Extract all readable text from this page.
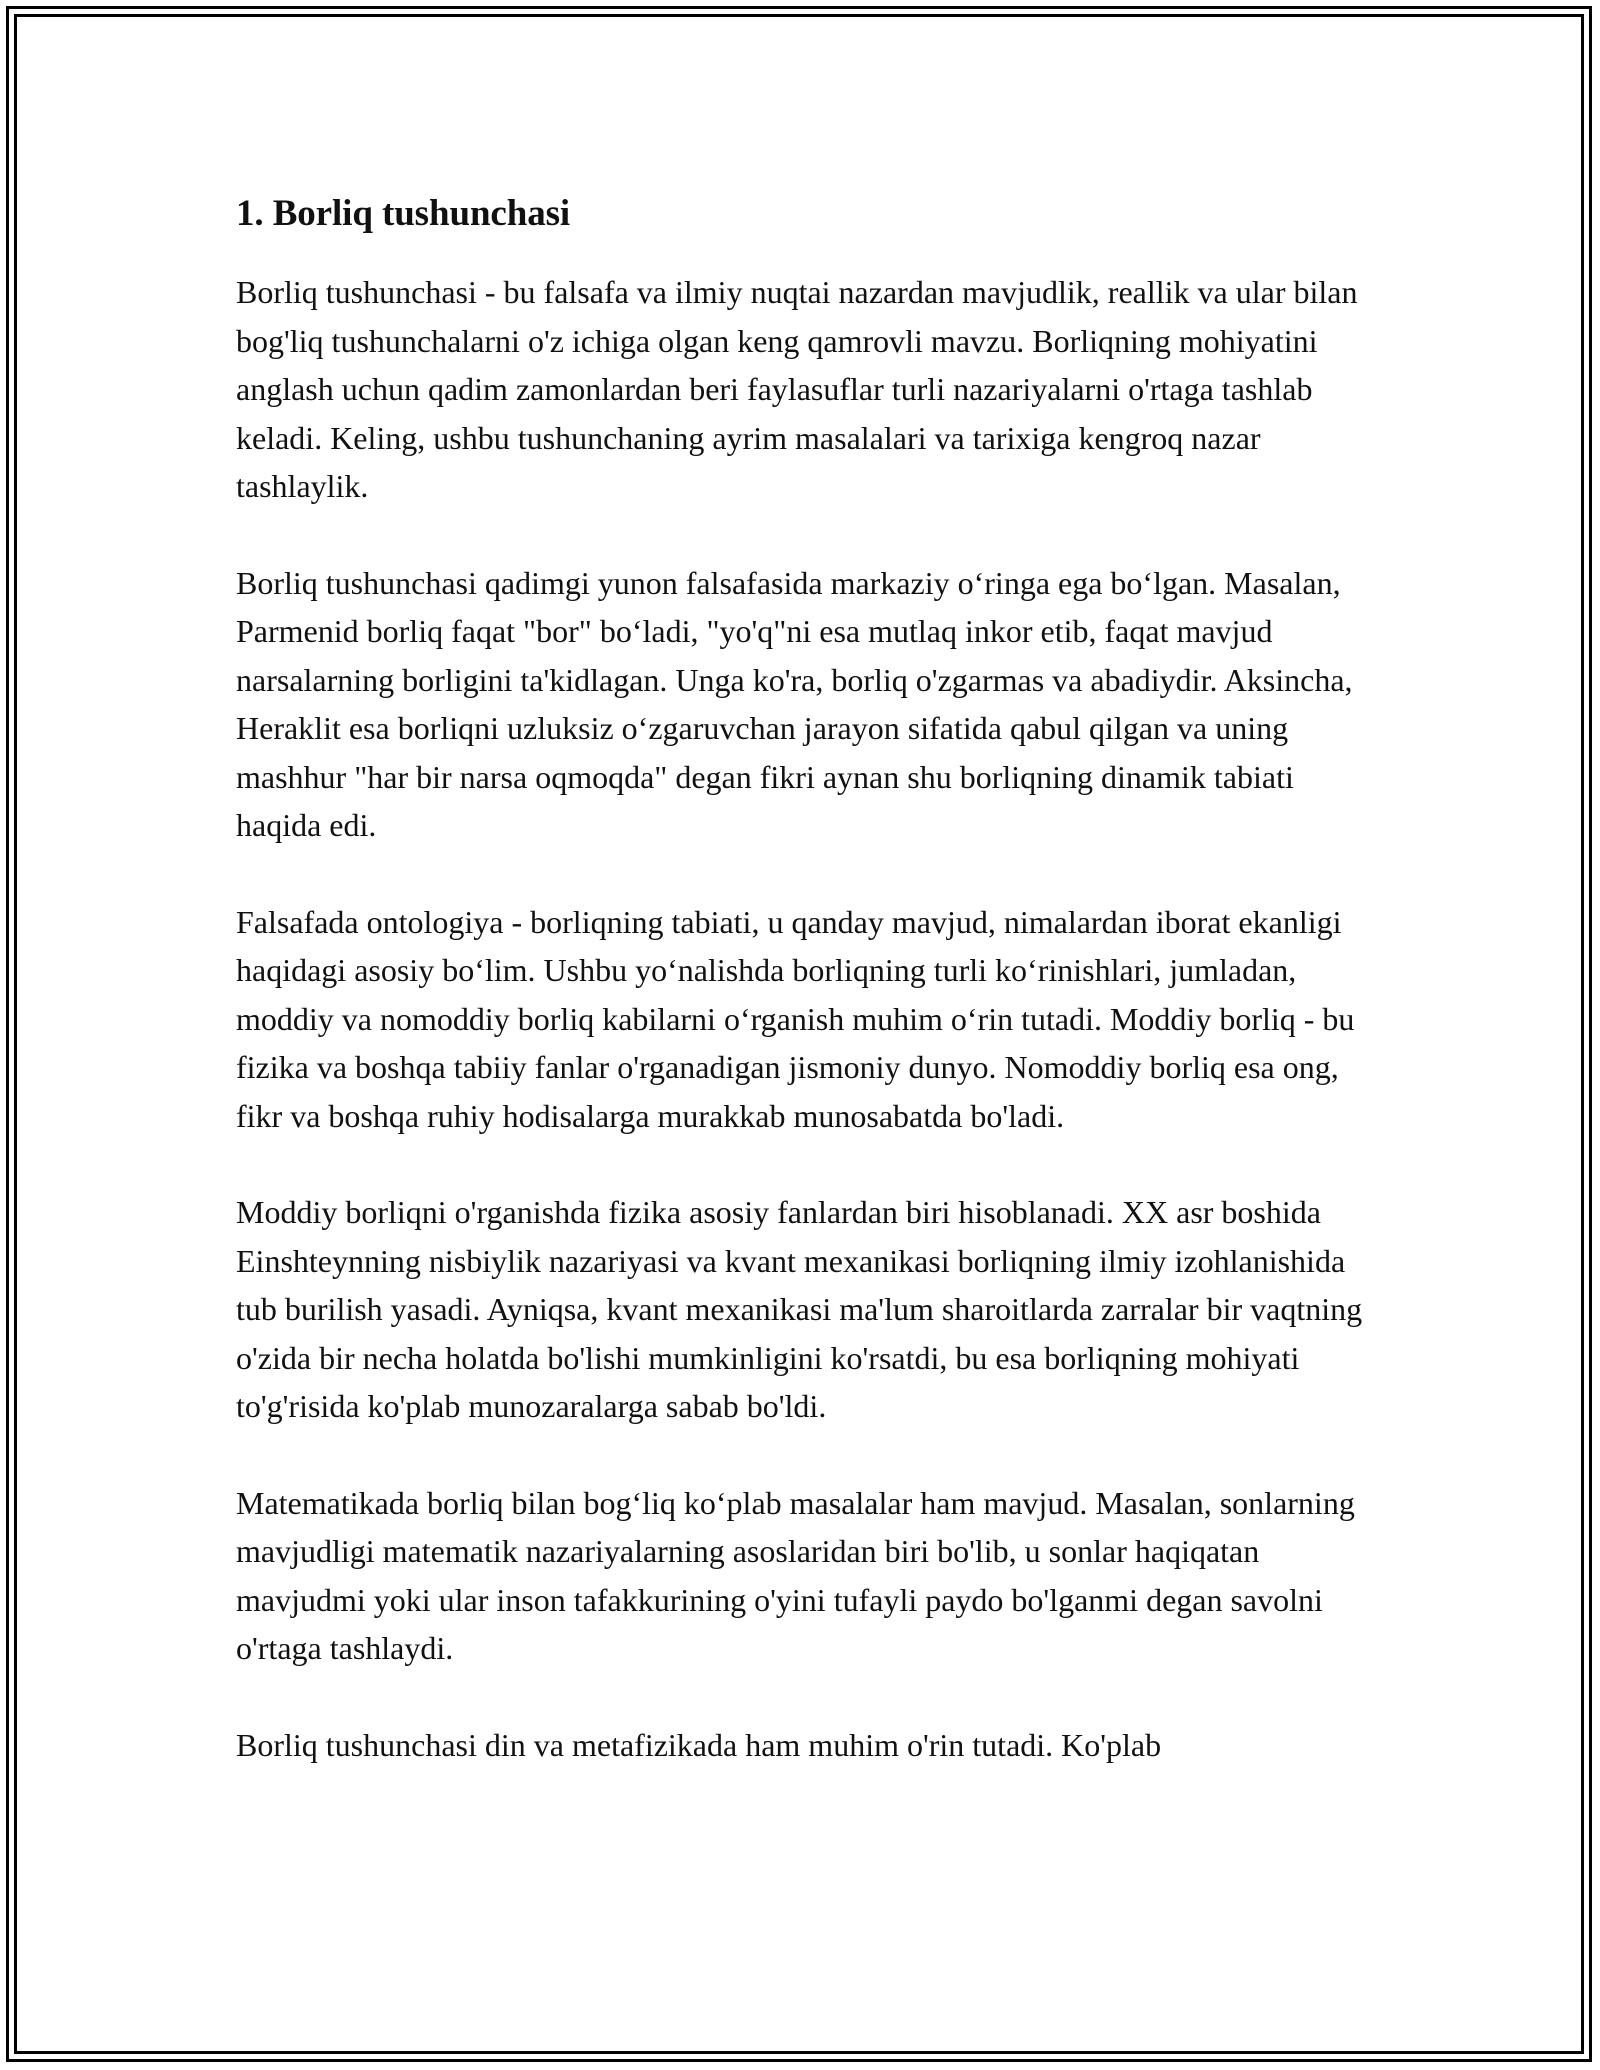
1. Borliq tushunchasi

Borliq tushunchasi - bu falsafa va ilmiy nuqtai nazardan mavjudlik, reallik va ular bilan bog'liq tushunchalarni o'z ichiga olgan keng qamrovli mavzu. Borliqning mohiyatini anglash uchun qadim zamonlardan beri faylasuflar turli nazariyalarni o'rtaga tashlab keladi. Keling, ushbu tushunchaning ayrim masalalari va tarixiga kengroq nazar tashlaylik.

Borliq tushunchasi qadimgi yunon falsafasida markaziy o‘ringa ega bo‘lgan. Masalan, Parmenid borliq faqat "bor" bo‘ladi, "yo'q"ni esa mutlaq inkor etib, faqat mavjud narsalarning borligini ta'kidlagan. Unga ko'ra, borliq o'zgarmas va abadiydir. Aksincha, Heraklit esa borliqni uzluksiz o‘zgaruvchan jarayon sifatida qabul qilgan va uning mashhur "har bir narsa oqmoqda" degan fikri aynan shu borliqning dinamik tabiati haqida edi.

Falsafada ontologiya - borliqning tabiati, u qanday mavjud, nimalardan iborat ekanligi haqidagi asosiy bo‘lim. Ushbu yo‘nalishda borliqning turli ko‘rinishlari, jumladan, moddiy va nomoddiy borliq kabilarni o‘rganish muhim o‘rin tutadi. Moddiy borliq - bu fizika va boshqa tabiiy fanlar o'rganadigan jismoniy dunyo. Nomoddiy borliq esa ong, fikr va boshqa ruhiy hodisalarga murakkab munosabatda bo'ladi.

Moddiy borliqni o'rganishda fizika asosiy fanlardan biri hisoblanadi. XX asr boshida Einshteynning nisbiylik nazariyasi va kvant mexanikasi borliqning ilmiy izohlanishida tub burilish yasadi. Ayniqsa, kvant mexanikasi ma'lum sharoitlarda zarralar bir vaqtning o'zida bir necha holatda bo'lishi mumkinligini ko'rsatdi, bu esa borliqning mohiyati to'g'risida ko'plab munozaralarga sabab bo'ldi.

Matematikada borliq bilan bog‘liq ko‘plab masalalar ham mavjud. Masalan, sonlarning mavjudligi matematik nazariyalarning asoslaridan biri bo'lib, u sonlar haqiqatan mavjudmi yoki ular inson tafakkurining o'yini tufayli paydo bo'lganmi degan savolni o'rtaga tashlaydi.

Borliq tushunchasi din va metafizikada ham muhim o'rin tutadi. Ko'plab
